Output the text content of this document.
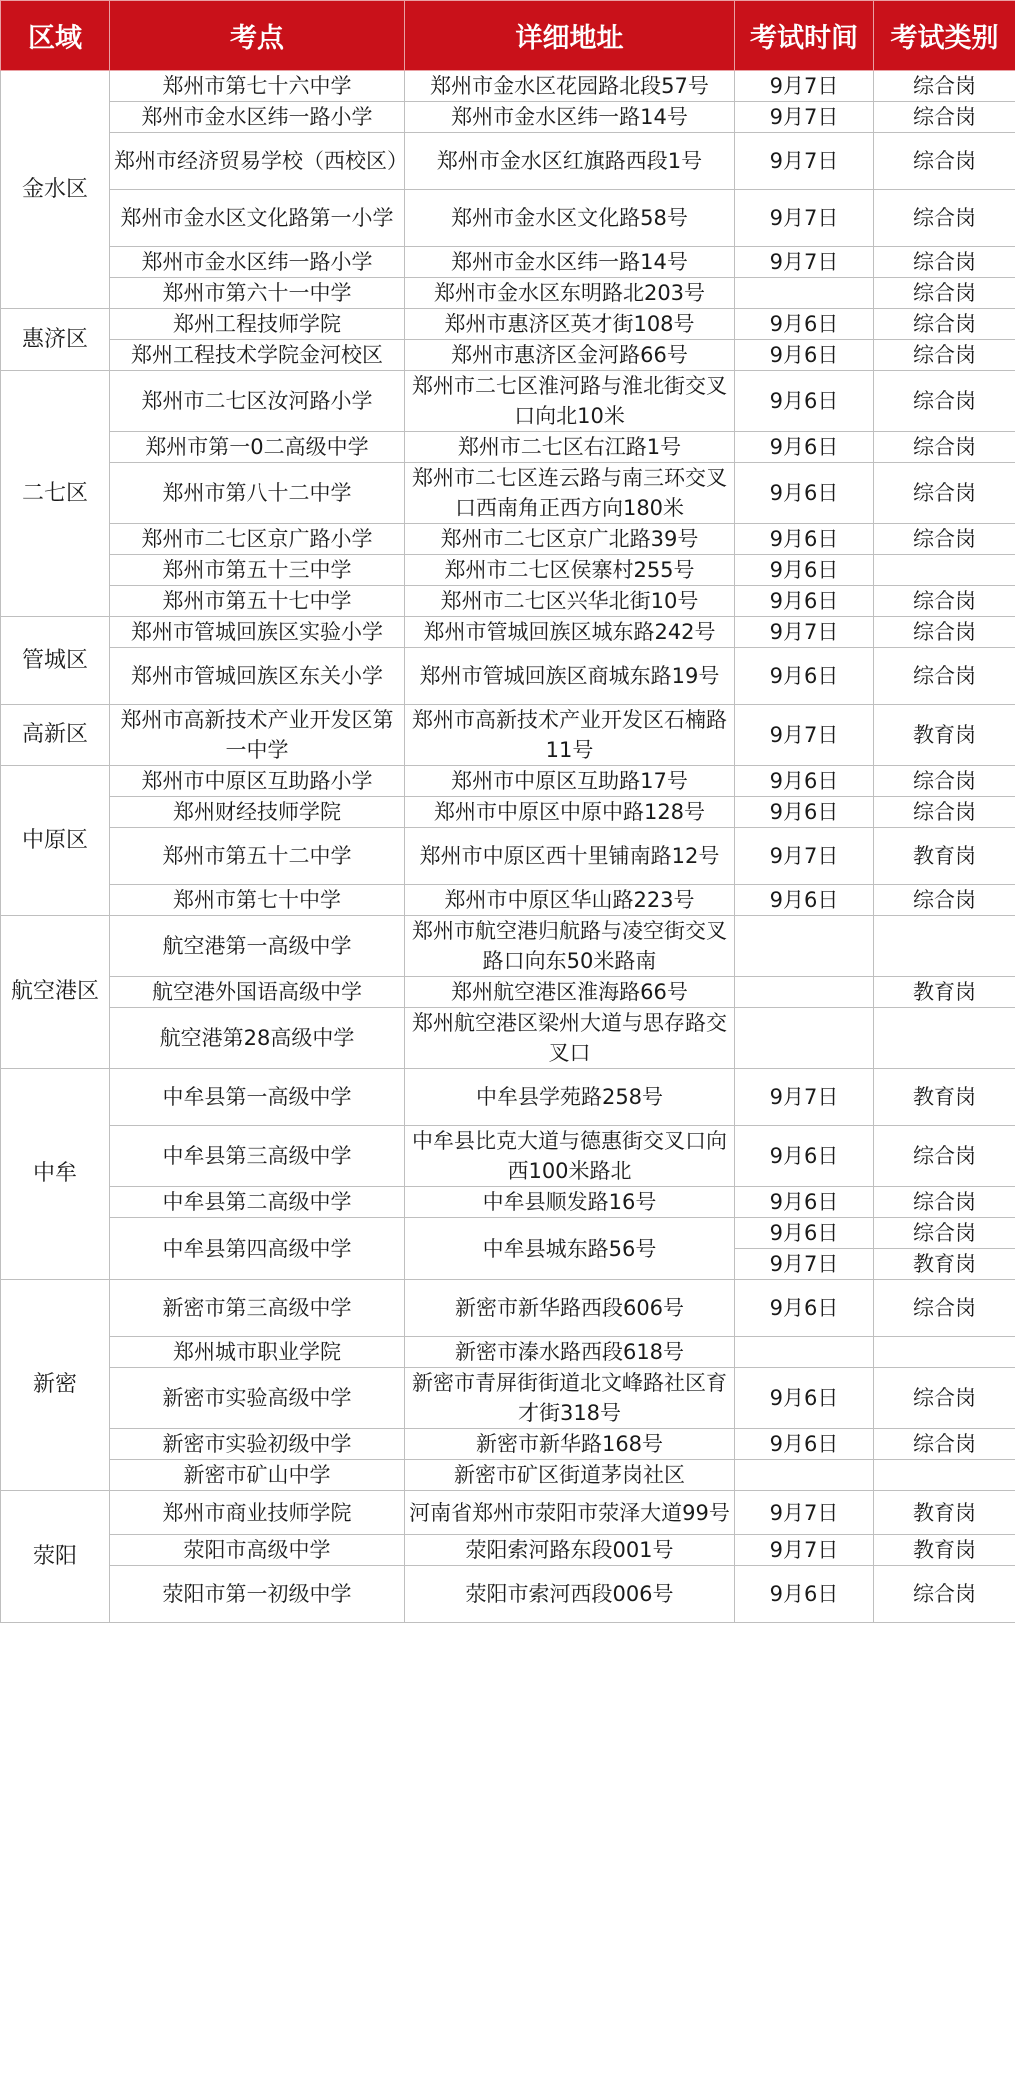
区域	考点	详细地址	考试时间	考试类别
金水区	郑州市第七十六中学	郑州市金水区花园路北段57号	9月7日	综合岗
	郑州市金水区纬一路小学	郑州市金水区纬一路14号	9月7日	综合岗
	郑州市经济贸易学校（西校区）	郑州市金水区红旗路西段1号	9月7日	综合岗
	郑州市金水区文化路第一小学	郑州市金水区文化路58号	9月7日	综合岗
	郑州市金水区纬一路小学	郑州市金水区纬一路14号	9月7日	综合岗
	郑州市第六十一中学	郑州市金水区东明路北203号		综合岗
惠济区	郑州工程技师学院	郑州市惠济区英才街108号	9月6日	综合岗
	郑州工程技术学院金河校区	郑州市惠济区金河路66号	9月6日	综合岗
二七区	郑州市二七区汝河路小学	郑州市二七区淮河路与淮北街交叉口向北10米	9月6日	综合岗
	郑州市第一0二高级中学	郑州市二七区右江路1号	9月6日	综合岗
	郑州市第八十二中学	郑州市二七区连云路与南三环交叉口西南角正西方向180米	9月6日	综合岗
	郑州市二七区京广路小学	郑州市二七区京广北路39号	9月6日	综合岗
	郑州市第五十三中学	郑州市二七区侯寨村255号	9月6日	
	郑州市第五十七中学	郑州市二七区兴华北街10号	9月6日	综合岗
管城区	郑州市管城回族区实验小学	郑州市管城回族区城东路242号	9月7日	综合岗
	郑州市管城回族区东关小学	郑州市管城回族区商城东路19号	9月6日	综合岗
高新区	郑州市高新技术产业开发区第一中学	郑州市高新技术产业开发区石楠路11号	9月7日	教育岗
中原区	郑州市中原区互助路小学	郑州市中原区互助路17号	9月6日	综合岗
	郑州财经技师学院	郑州市中原区中原中路128号	9月6日	综合岗
	郑州市第五十二中学	郑州市中原区西十里铺南路12号	9月7日	教育岗
	郑州市第七十中学	郑州市中原区华山路223号	9月6日	综合岗
航空港区	航空港第一高级中学	郑州市航空港归航路与凌空街交叉路口向东50米路南		
	航空港外国语高级中学	郑州航空港区淮海路66号		教育岗
	航空港第28高级中学	郑州航空港区梁州大道与思存路交叉口		
中牟	中牟县第一高级中学	中牟县学苑路258号	9月7日	教育岗
	中牟县第三高级中学	中牟县比克大道与德惠街交叉口向西100米路北	9月6日	综合岗
	中牟县第二高级中学	中牟县顺发路16号	9月6日	综合岗
	中牟县第四高级中学	中牟县城东路56号	9月6日	综合岗
			9月7日	教育岗
新密	新密市第三高级中学	新密市新华路西段606号	9月6日	综合岗
	郑州城市职业学院	新密市溱水路西段618号		
	新密市实验高级中学	新密市青屏街街道北文峰路社区育才街318号	9月6日	综合岗
	新密市实验初级中学	新密市新华路168号	9月6日	综合岗
	新密市矿山中学	新密市矿区街道茅岗社区		
荥阳	郑州市商业技师学院	河南省郑州市荥阳市荥泽大道99号	9月7日	教育岗
	荥阳市高级中学	荥阳索河路东段001号	9月7日	教育岗
	荥阳市第一初级中学	荥阳市索河西段006号	9月6日	综合岗
